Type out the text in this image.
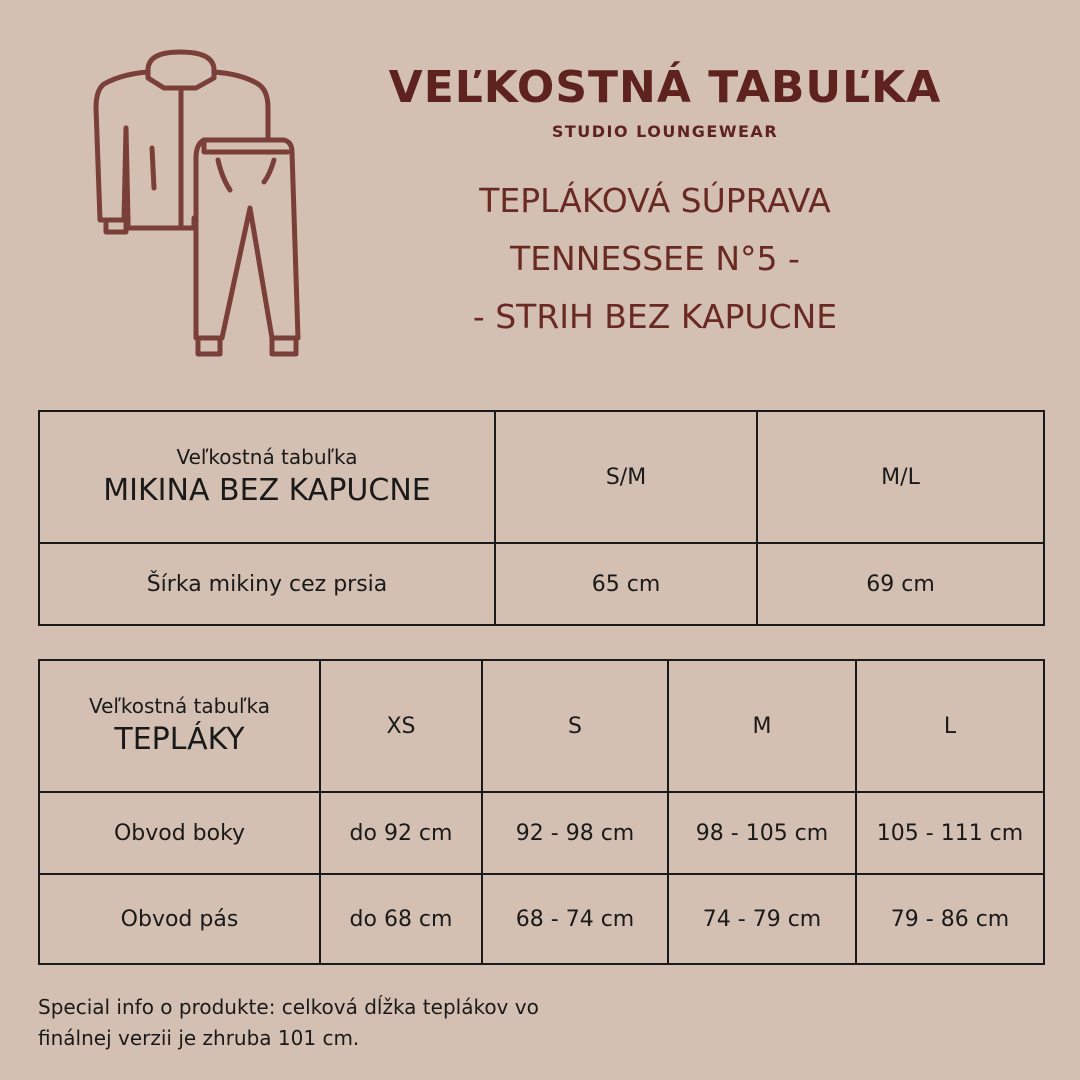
VEĽKOSTNÁ TABUĽKA

STUDIO LOUNGEWEAR

TEPLÁKOVÁ SÚPRAVA
TENNESSEE N°5 -
- STRIH BEZ KAPUCNE

Veľkostná tabuľka
MIKINA BEZ KAPUCNE	S/M	M/L
Šírka mikiny cez prsia	65 cm	69 cm
Veľkostná tabuľka
TEPLÁKY	XS	S	M	L
Obvod boky	do 92 cm	92 - 98 cm	98 - 105 cm	105 - 111 cm
Obvod pás	do 68 cm	68 - 74 cm	74 - 79 cm	79 - 86 cm

Special info o produkte: celková dĺžka teplákov vo
finálnej verzii je zhruba 101 cm.
